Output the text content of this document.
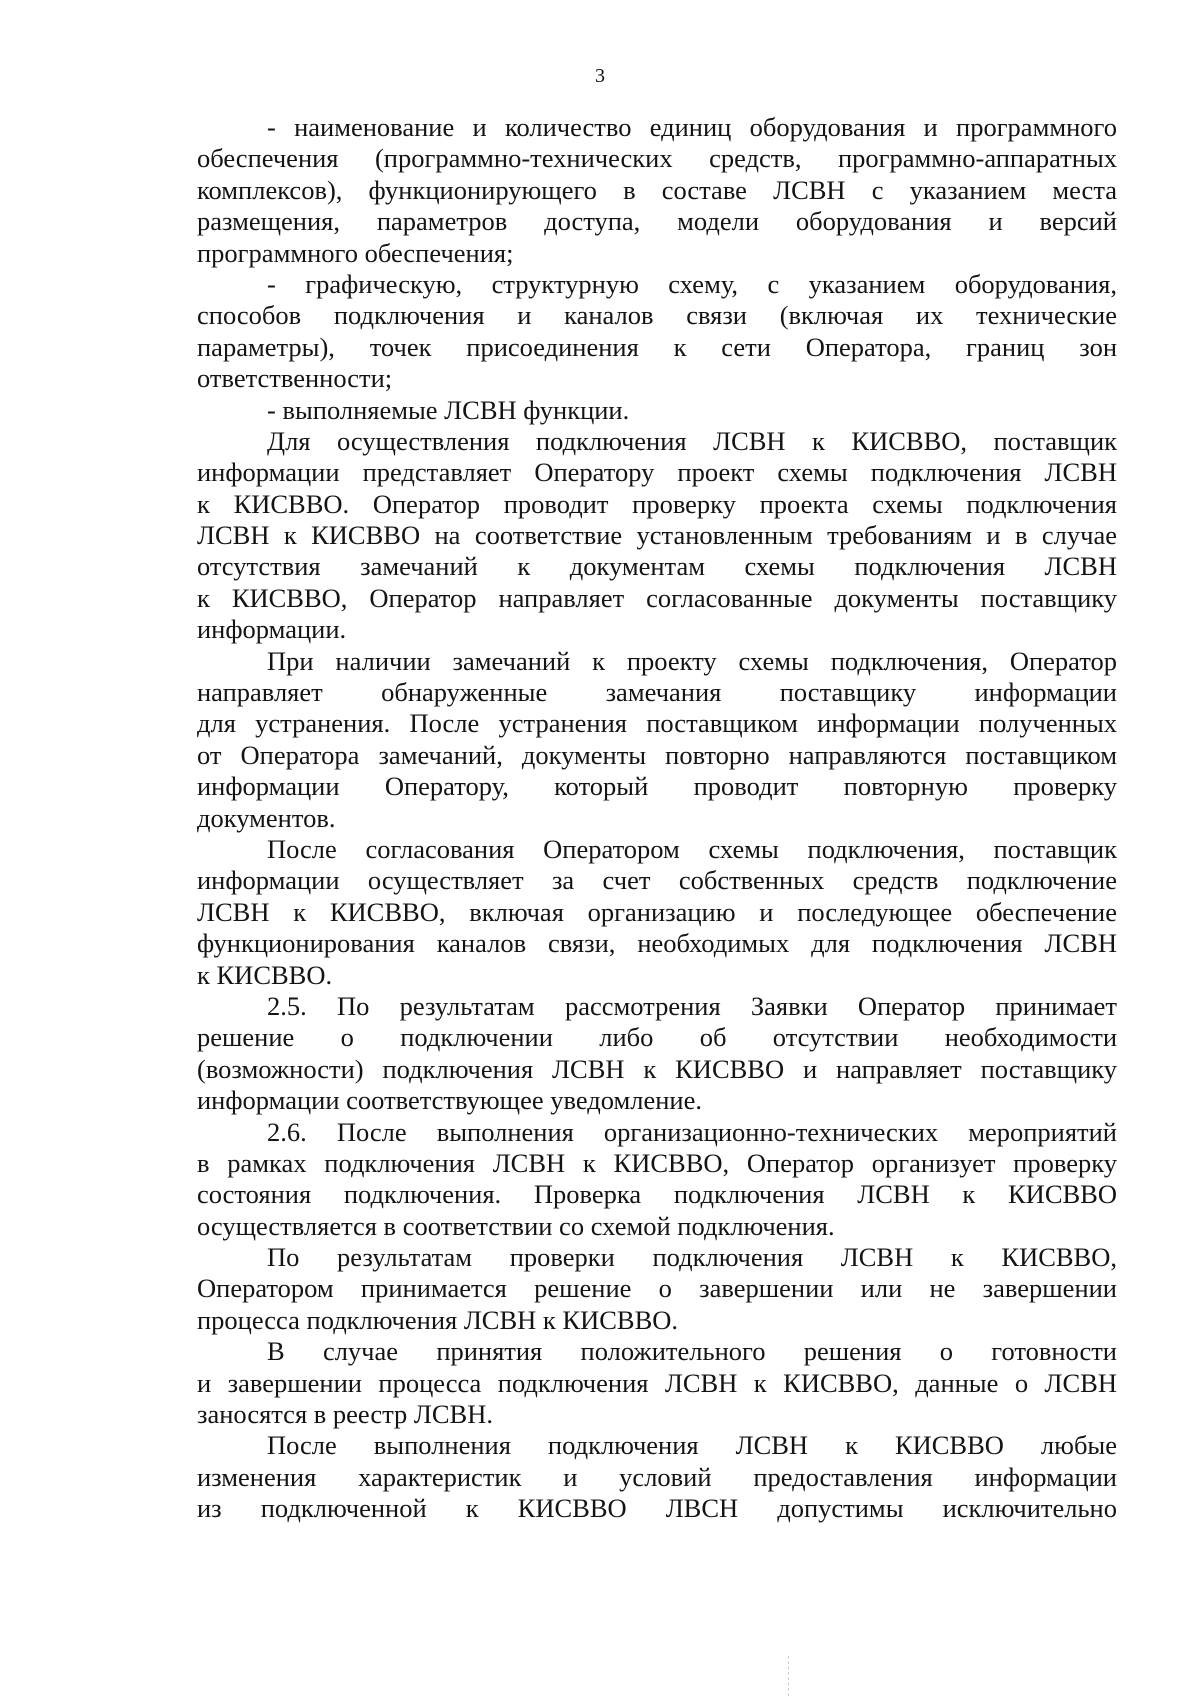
3
- наименование и количество единиц оборудования и программного
обеспечения (программно-технических средств, программно-аппаратных
комплексов), функционирующего в составе ЛСВН с указанием места
размещения, параметров доступа, модели оборудования и версий
программного обеспечения;
- графическую, структурную схему, с указанием оборудования,
способов подключения и каналов связи (включая их технические
параметры), точек присоединения к сети Оператора, границ зон
ответственности;
- выполняемые ЛСВН функции.
Для осуществления подключения ЛСВН к КИСВВО, поставщик
информации представляет Оператору проект схемы подключения ЛСВН
к КИСВВО. Оператор проводит проверку проекта схемы подключения
ЛСВН к КИСВВО на соответствие установленным требованиям и в случае
отсутствия замечаний к документам схемы подключения ЛСВН
к КИСВВО, Оператор направляет согласованные документы поставщику
информации.
При наличии замечаний к проекту схемы подключения, Оператор
направляет обнаруженные замечания поставщику информации
для устранения. После устранения поставщиком информации полученных
от Оператора замечаний, документы повторно направляются поставщиком
информации Оператору, который проводит повторную проверку
документов.
После согласования Оператором схемы подключения, поставщик
информации осуществляет за счет собственных средств подключение
ЛСВН к КИСВВО, включая организацию и последующее обеспечение
функционирования каналов связи, необходимых для подключения ЛСВН
к КИСВВО.
2.5. По результатам рассмотрения Заявки Оператор принимает
решение о подключении либо об отсутствии необходимости
(возможности) подключения ЛСВН к КИСВВО и направляет поставщику
информации соответствующее уведомление.
2.6. После выполнения организационно-технических мероприятий
в рамках подключения ЛСВН к КИСВВО, Оператор организует проверку
состояния подключения. Проверка подключения ЛСВН к КИСВВО
осуществляется в соответствии со схемой подключения.
По результатам проверки подключения ЛСВН к КИСВВО,
Оператором принимается решение о завершении или не завершении
процесса подключения ЛСВН к КИСВВО.
В случае принятия положительного решения о готовности
и завершении процесса подключения ЛСВН к КИСВВО, данные о ЛСВН
заносятся в реестр ЛСВН.
После выполнения подключения ЛСВН к КИСВВО любые
изменения характеристик и условий предоставления информации
из подключенной к КИСВВО ЛВСН допустимы исключительно
